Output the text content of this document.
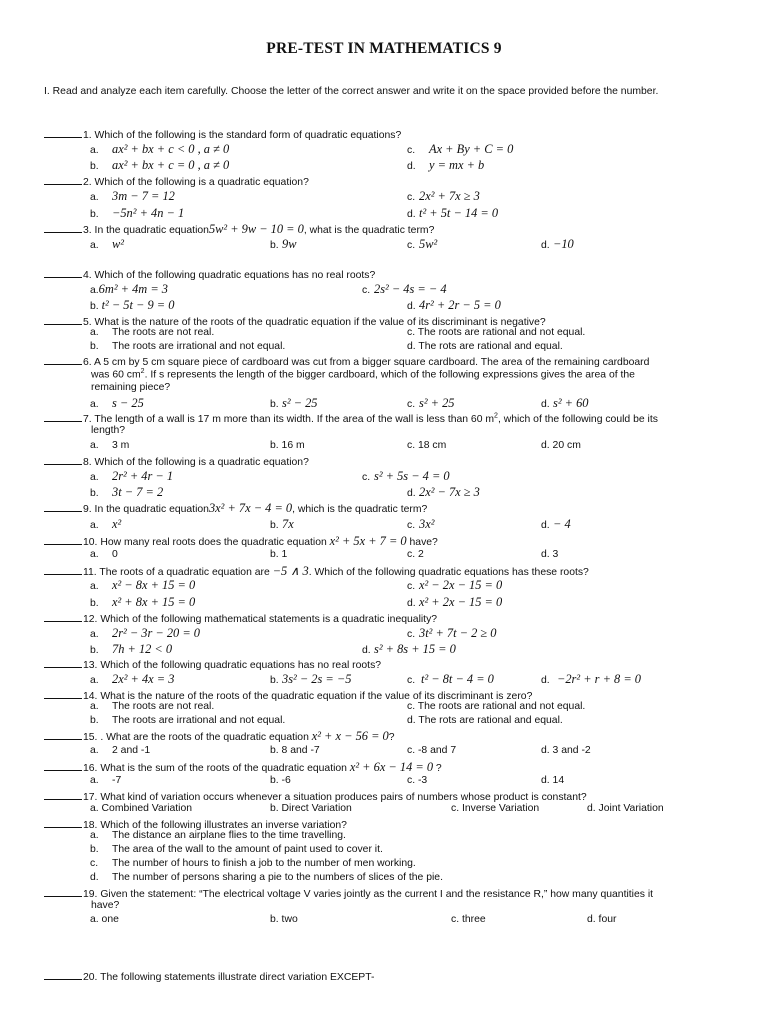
PRE-TEST IN MATHEMATICS 9
I. Read and analyze each item carefully. Choose the letter of the correct answer and write it on the space provided before the number.
1. Which of the following is the standard form of quadratic equations?
a. ax² + bx + c < 0 , a ≠ 0
b. ax² + bx + c = 0 , a ≠ 0
c. Ax + By + C = 0
d. y = mx + b
2. Which of the following is a quadratic equation?
a. 3m − 7 = 12
b. −5n² + 4n − 1
c. 2x² + 7x ≥ 3
d. t² + 5t − 14 = 0
3. In the quadratic equation5w² + 9w − 10 = 0, what is the quadratic term?
a. w²	b. 9w	c. 5w²	d. −10
4. Which of the following quadratic equations has no real roots?
a.6m² + 4m = 3
b. t² − 5t − 9 = 0
c. 2s² − 4s = − 4
d. 4r² + 2r − 5 = 0
5. What is the nature of the roots of the quadratic equation if the value of its discriminant is negative?
a. The roots are not real.
b. The roots are irrational and not equal.
c. The roots are rational and not equal.
d. The rots are rational and equal.
6. A 5 cm by 5 cm square piece of cardboard was cut from a bigger square cardboard. The area of the remaining cardboard
was 60 $cm^2$. If s represents the length of the bigger cardboard, which of the following expressions gives the area of the
remaining piece?
a. s − 25	b. s² − 25	c. s² + 25	d. s² + 60
7. The length of a wall is 17 m more than its width. If the area of the wall is less than 60 $m^2$, which of the following could be its
length?
a. 3 m	b. 16 m	c. 18 cm	d. 20 cm
8. Which of the following is a quadratic equation?
a. 2r² + 4r − 1
b. 3t − 7 = 2
c. s² + 5s − 4 = 0
d. 2x² − 7x ≥ 3
9. In the quadratic equation3x² + 7x − 4 = 0, which is the quadratic term?
a. x²	b. 7x	c. 3x²	d. − 4
10. How many real roots does the quadratic equation x² + 5x + 7 = 0 have?
a. 0	b. 1	c. 2	d. 3
11. The roots of a quadratic equation are −5 ∧ 3. Which of the following quadratic equations has these roots?
a. x² − 8x + 15 = 0
b. x² + 8x + 15 = 0
c. x² − 2x − 15 = 0
d. x² + 2x − 15 = 0
12. Which of the following mathematical statements is a quadratic inequality?
a. 2r² − 3r − 20 = 0
b. 7h + 12 < 0
c. 3t² + 7t − 2 ≥ 0
d. s² + 8s + 15 = 0
13. Which of the following quadratic equations has no real roots?
a. 2x² + 4x = 3	b. 3s² − 2s = −5	c. t² − 8t − 4 = 0	d. −2r² + r + 8 = 0
14. What is the nature of the roots of the quadratic equation if the value of its discriminant is zero?
a. The roots are not real.
b. The roots are irrational and not equal.
c. The roots are rational and not equal.
d. The rots are rational and equal.
15. . What are the roots of the quadratic equation x² + x − 56 = 0?
a. 2 and -1	b. 8 and -7	c. -8 and 7	d. 3 and -2
16. What is the sum of the roots of the quadratic equation x² + 6x − 14 = 0 ?
a. -7	b. -6	c. -3	d. 14
17. What kind of variation occurs whenever a situation produces pairs of numbers whose product is constant?
a. Combined Variation	b. Direct Variation	c. Inverse Variation	d. Joint Variation
18. Which of the following illustrates an inverse variation?
a. The distance an airplane flies to the time travelling.
b. The area of the wall to the amount of paint used to cover it.
c. The number of hours to finish a job to the number of men working.
d. The number of persons sharing a pie to the numbers of slices of the pie.
19. Given the statement: “The electrical voltage V varies jointly as the current I and the resistance R,” how many quantities it
have?
a. one	b. two	c. three	d. four
20. The following statements illustrate direct variation EXCEPT-
